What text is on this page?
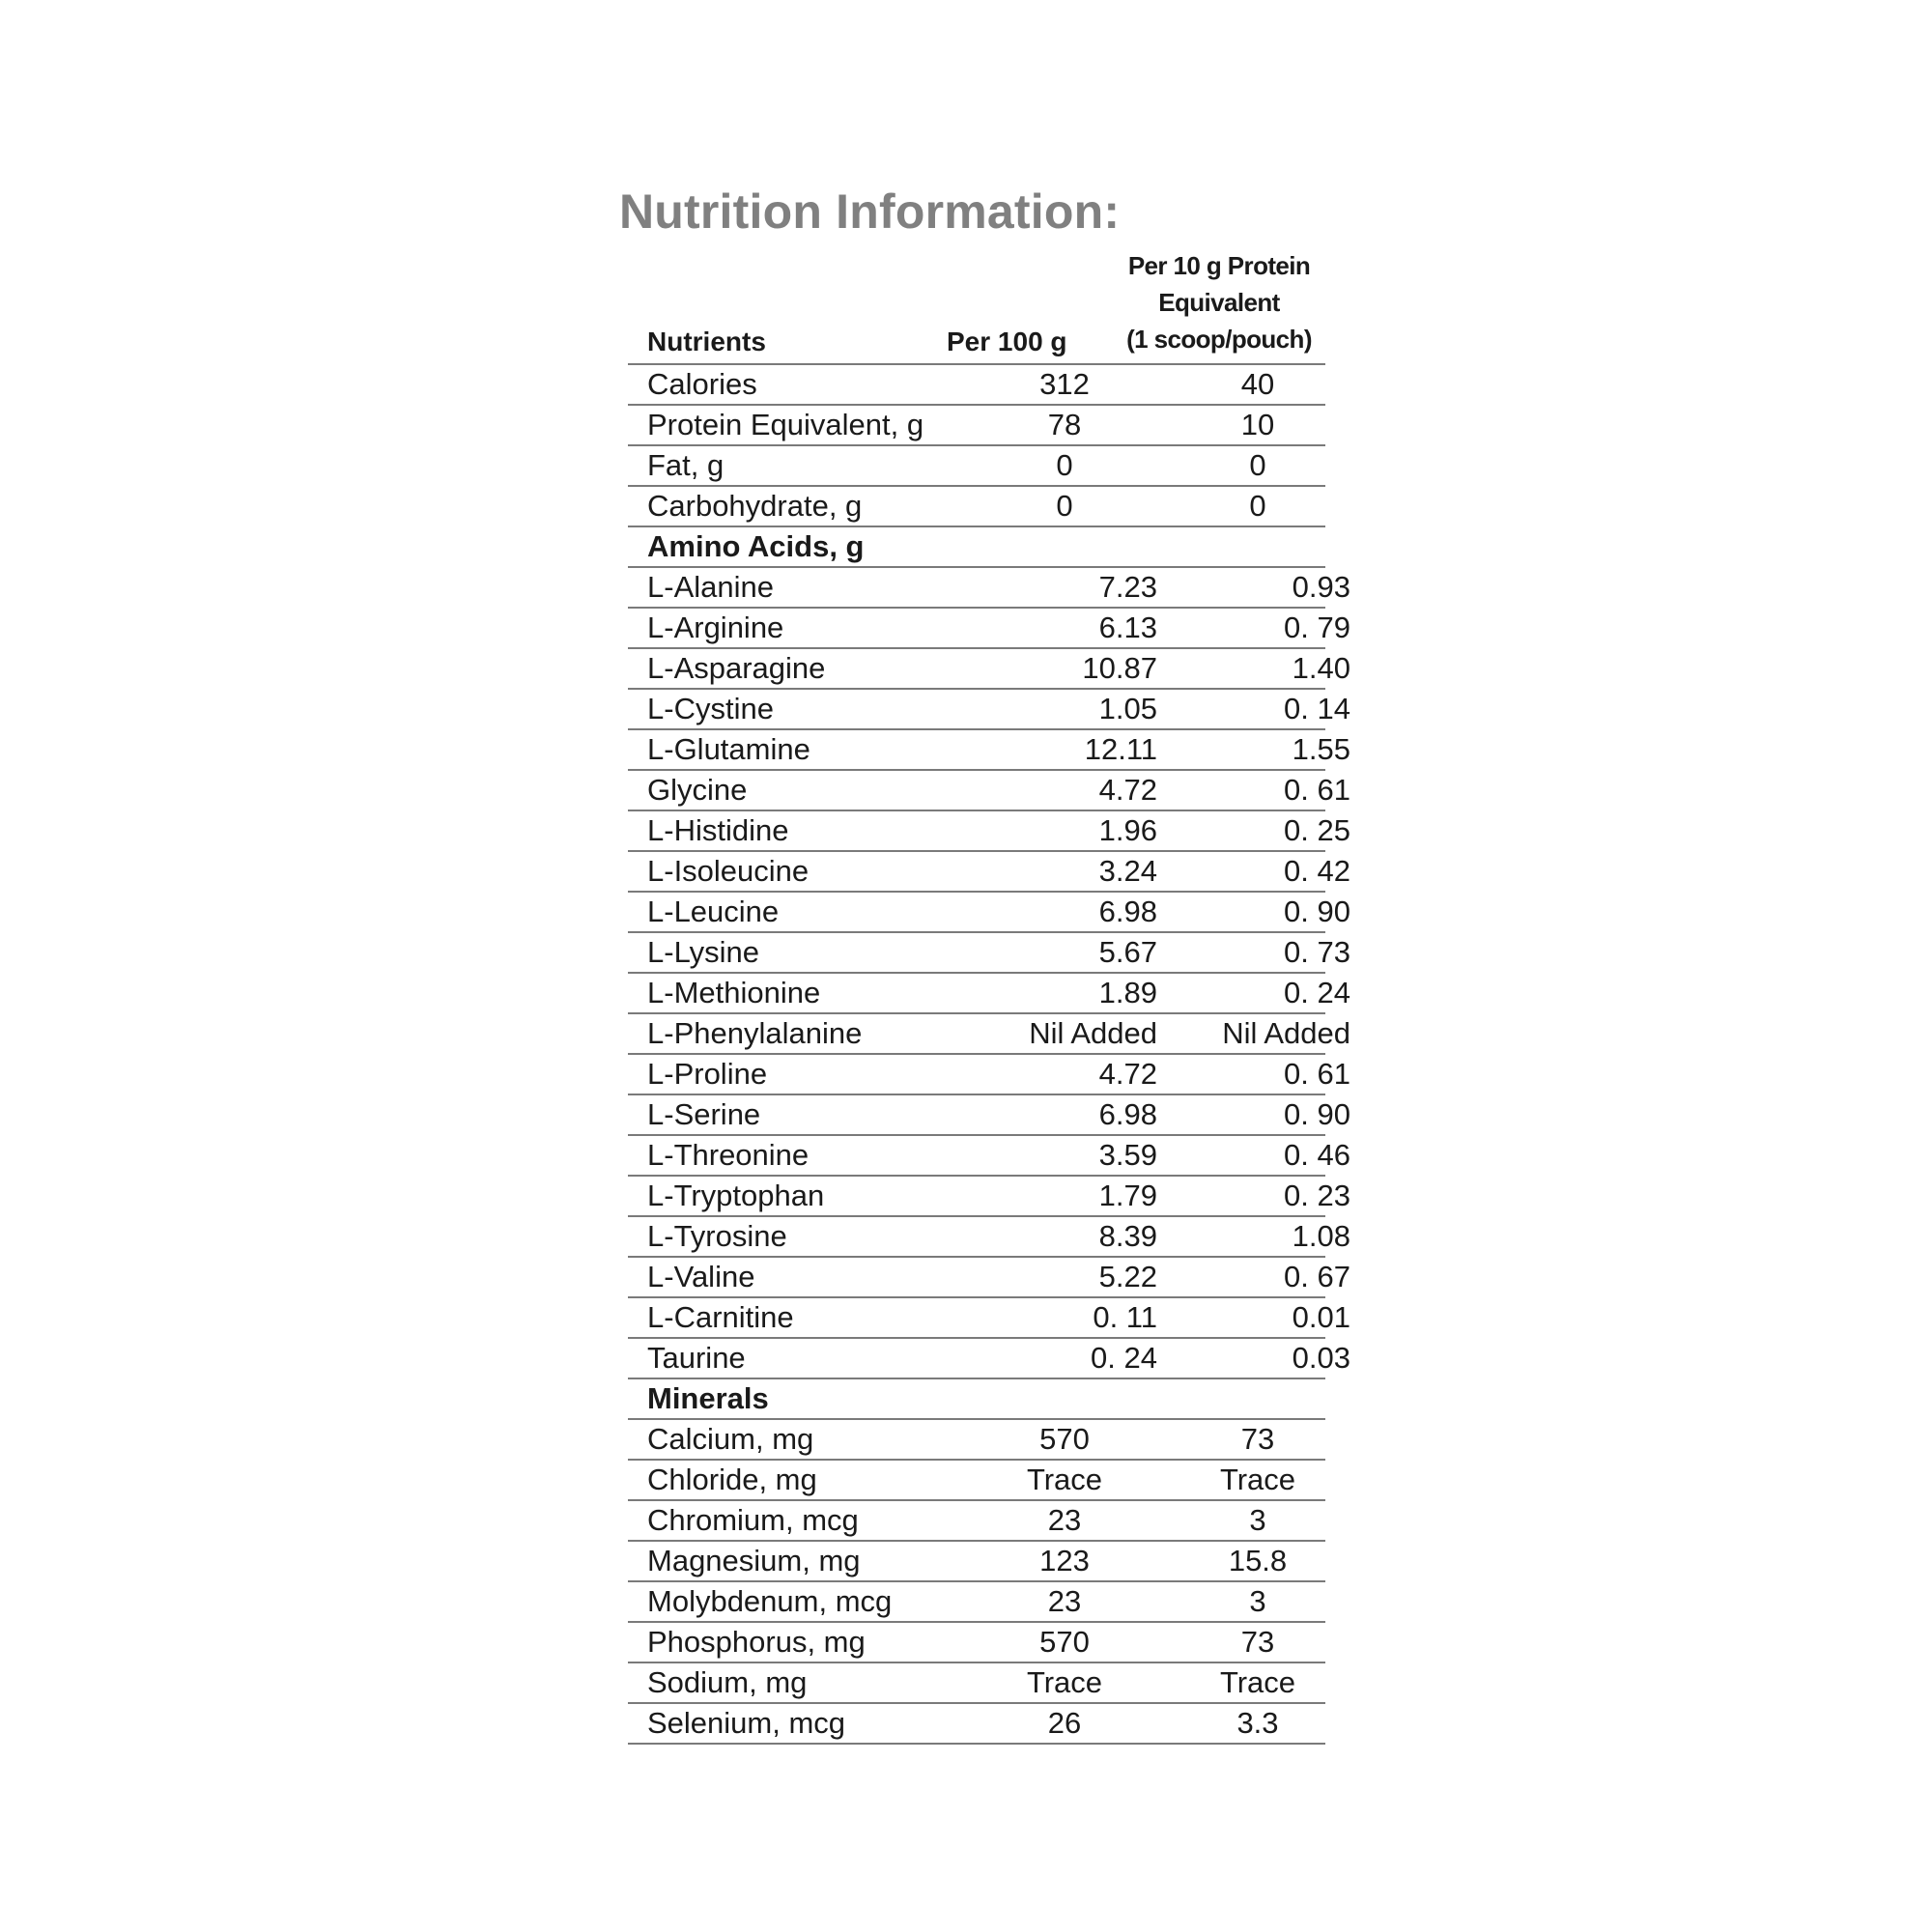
Nutrition Information:
Nutrients	Per 100 g
Per 10 g Protein
Equivalent
(1 scoop/pouch)
Calories	312	40
Protein Equivalent, g	78	10
Fat, g	0	0
Carbohydrate, g	0	0
Amino Acids, g
L-Alanine	7.23	0.93
L-Arginine	6.13	0. 79
L-Asparagine	10.87	1.40
L-Cystine	1.05	0. 14
L-Glutamine	12.11	1.55
Glycine	4.72	0. 61
L-Histidine	1.96	0. 25
L-Isoleucine	3.24	0. 42
L-Leucine	6.98	0. 90
L-Lysine	5.67	0. 73
L-Methionine	1.89	0. 24
L-Phenylalanine	Nil Added	Nil Added
L-Proline	4.72	0. 61
L-Serine	6.98	0. 90
L-Threonine	3.59	0. 46
L-Tryptophan	1.79	0. 23
L-Tyrosine	8.39	1.08
L-Valine	5.22	0. 67
L-Carnitine	0. 11	0.01
Taurine	0. 24	0.03
Minerals
Calcium, mg	570	73
Chloride, mg	Trace	Trace
Chromium, mcg	23	3
Magnesium, mg	123	15.8
Molybdenum, mcg	23	3
Phosphorus, mg	570	73
Sodium, mg	Trace	Trace
Selenium, mcg	26	3.3
